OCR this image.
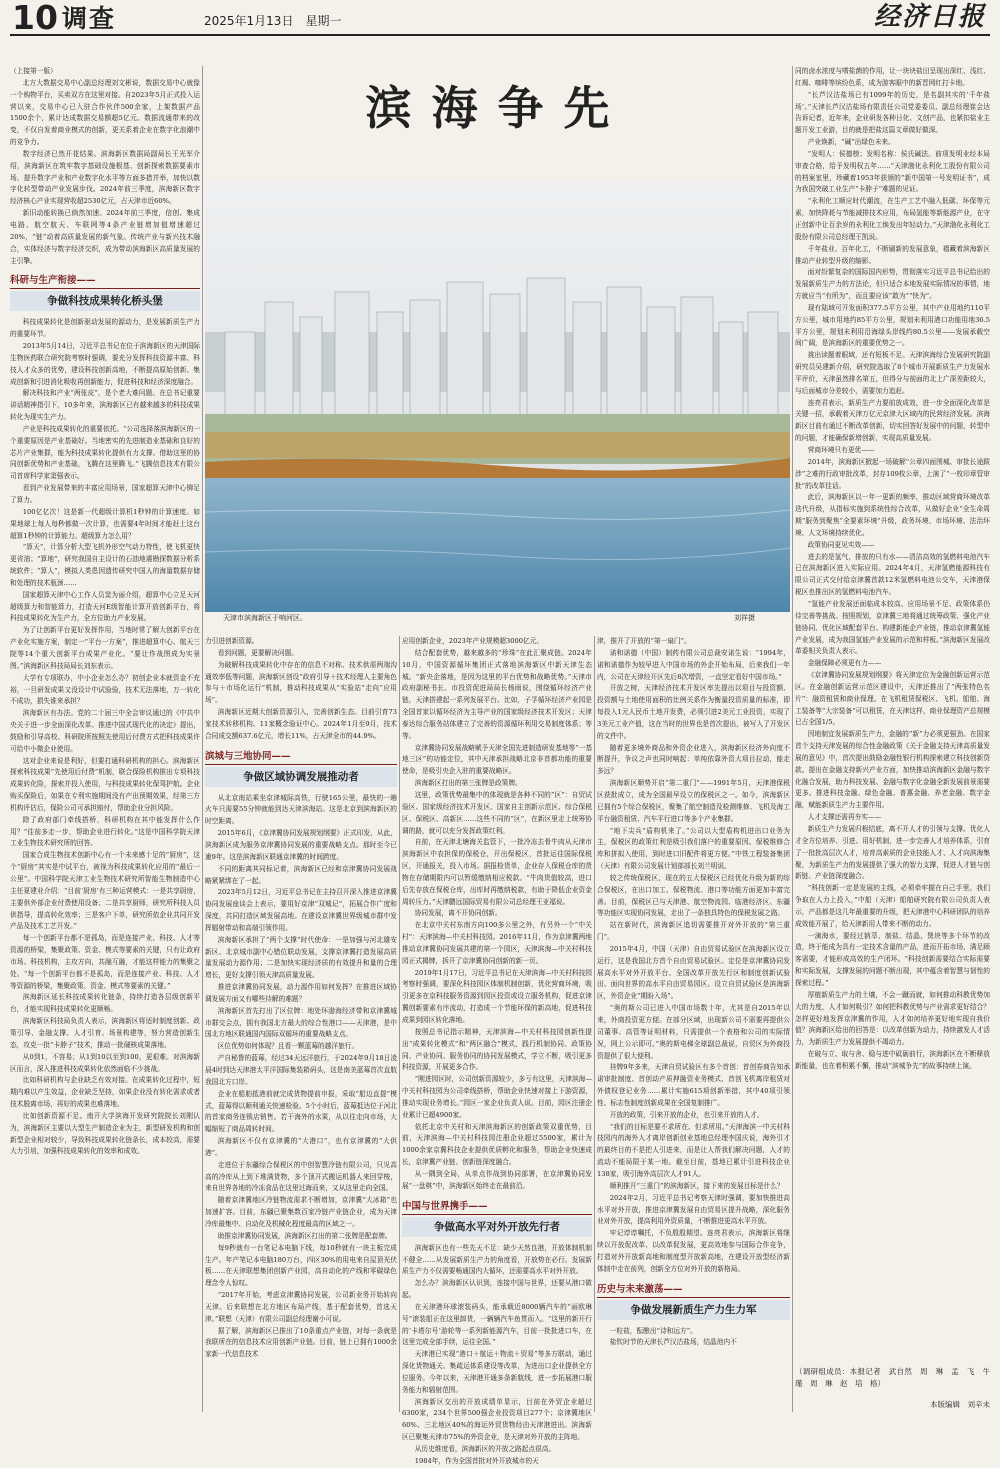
10 调查	2025年1月13日　星期一	经济日报
滨海争先
天津市滨海新区于响河区。	刘祥摄

（上接第一版）

北方大数据交易中心副总经理刘文彬说，数据交易中心就像一个购物平台，买卖双方在这里对接。自2023年5月正式投入运营以来，交易中心已入驻合作伙伴500余家，上架数据产品1500余个，累计达成数据交易额超5亿元。数据流通带来的改变，不仅自发着商业模式的创新，更关系着企业在数字化浪潮中的竞争力。

数字经济已然开花结果。滨海新区数据局副局长王光军介绍，滨海新区在筑牢数字基础设施根基、创新探索数据要素市场、提升数字产业和产业数字化水平等方面多措并举，加快以数字化转型带动产业发展步伐。2024年前三季度，滨海新区数字经济核心产业实现营收超2530亿元，占天津市近60%。

新旧动能转换已倘然加速。2024年前三季度，信创、集成电路、航空航天、车联网等4条产业链增加值增速超过20%，“链”动着高质量发展的新气象。传统产业与新兴技术融合，实体经济与数字经济交织，成为带动滨海新区高质量发展的主引擎。

科研与生产衔接——
争做科技成果转化桥头堡

科技成果转化是创新驱动发展的源动力，是发展新质生产力的重要环节。

2013年5月14日，习近平总书记在位于滨海新区的天津国际生物医药联合研究院考察时强调，要充分发挥科技资源丰富、科技人才众多的优势，建设科技创新高地，不断提高原始创新、集成创新和引进消化吸收再创新能力，促进科技和经济深度融合。

解决科技和产业“两张皮”，是个老大难问题。在总书记重要讲话精神指引下，10多年来，滨海新区已有越来越多的科技成果转化为现实生产力。

产业是科技成果转化的重要依托。“公司选择落滨海新区的一个重要原因是产业基础好。当地密实的先进制造业基础和良好的芯片产业集群，能为科技成果转化提供有力支撑。借助这里的协同创新优势和产业基础，飞腾在这里腾飞。”飞腾信息技术有限公司首席科学家窦强表示。

看到产业发展带来的丰富应用场景，国家超算天津中心铆足了算力。

100亿亿次！这是新一代超级计算机1秒钟的计算速度。如果地球上每人每秒都做一次计算，也需要4年时间才能赶上这台超算1秒钟的计算能力。超级算力怎么用？

“算天”，计算分析大型飞机外形空气动力特性，使飞机更快更省油；“算地”，研究我国自主设计的石油地震勘探数据分析系统软件；“算人”，模拟人类患因遗传研究中国人的海量数据存储和处理的技术瓶颈……

国家超算天津中心工作人员窦为丽介绍，超算中心立足天河超级算力和智能算力，打造天河E级智能计算开放创新平台，将科技成果转化为生产力，全方位助力产业发展。

为了让创新平台更好发挥作用，当地时常了解大创新平台在产业化实施方案，制定一“平台一方案”，推进超算中心、航天三院等14个重大创新平台成果产业化。“要让作战图成为实景图。”滨海新区科技局局长刘东表示。

大学有专项联办，中小企业怎么办？初创企业本就资金不充裕，一旦研发成果又没设计中试验验，技术无法落地，万一转化不成功，损失谁来承担？

滨海新区有办法。党的二十届三中全会审议通过的《中共中央关于进一步全面深化改革、推进中国式现代化的决定》提出，鼓励和引导高校、科研院所按照先使用后付费方式把科技成果许可给中小微企业使用。

这对企业来说是利好，但要打通科研机构的担心。滨海新区探索科技成果“先使用后付费”机制，联合保险机构推出专项科技成果转化险，探索并投入使用，与科技成果转化保驾护航。企业购买保险后，如果在专利实施期间没有产出预期效果，经第三方机构评估后，保险公司可承担赔付，帮助企业分担风险。

除了政府部门牵线搭桥，科研机构在其中能发挥什么作用？“往前多走一步，帮助企业进行转化。”这是中国科学院天津工业生物技术研究所的回答。

国家合成生物技术创新中心有一个未来感十足的“厨房”，这个“厨房”其实是中试平台，被视为科技成果转化应用的“最后一公里”。中国科学院天津工业生物技术研究所智能生物制造中心主任夏建业介绍：“目前‘厨房’有三种运营模式：一是共享厨房，主要供外部企业付费使用设备；二是共享厨师，研究所科技人员供指导，提高转化效率；三是客户下单，研究所依企业共同开发产品及技术工艺开发。”

每一个创新平台都不是孤岛，而是连接产业、科技、人才等资源的桥梁，集聚政策、资金、模式等要素的关键，只有让政府市场、科技机构，主攻方向，共融互融，才能这样能力的集聚之处。“每一个创新平台都不是孤岛，而是连接产业、科技、人才等资源的桥梁，集聚政策、资金、模式等要素的关键。”

滨海新区延长科技成果转化链条，持续打造各层级创新平台，才能实现科技成果转化更顺畅。

滨海新区科技局负责人表示，滨海新区将适时制度创新、政策引导、金融支撑、人才引育、场景构建等，努力营造创新生态，攻克一批“卡脖子”技术，推动一批硬核成果落地。

从0到1，不容易；从1到10以至到100，更艰难。对滨海新区而言，深入推进科技成果转化依然面临不少挑战。

比如科研机构与企业缺乏有效对接。在成果转化过程中，短期内难以产生效益，企业缺乏坚持，如果企业没有转化需求或者技术脱离市场，再好的成果也难落地。

比如创新资源不足。南开大学滨海开发研究院院长刘刚认为，滨海新区主要以大型生产制造企业为主，新型研发机构和创新型企业相对较少，导致科技成果转化链条长，成本较高，需要大力引培，加强科技成果转化的效率和成效。

力引进创新资源。

看到问题，更要解决问题。

为破解科技成果转化中存在的信息不对称、技术供需两端沟通效率低等问题，滨海新区创设“政府引导＋技术经理人主要角色参与＋市场化运行”机制，推动科技成果从“实验站”走向“应用场”。

滨海新区近期大创新资源引入，完善创新生态。目前引育73家技术转移机构、11家概念验证中心。2024年1月至9月，技术合同成交额637.6亿元，增长11%，占天津全市的44.9%。

滨城与三地协同——
争做区域协调发展推动者

从北京南站乘坐京津城际高铁，行驶165公里，最快的一趟火车只需要55分钟就能到达天津滨海站。这是北京到滨海新区的时空距离。

2015年6月，《京津冀协同发展规划纲要》正式印发，从此，滨海新区成为服务京津冀协同发展的重要战略支点。那时至今已逾9年。这是滨海新区联通京津冀的时间跨度。

不同的距离其同标记着，滨海新区已经和京津冀协同发展战略紧紧绑在了一起。

2023年5月12日，习近平总书记在主持召开深入推进京津冀协同发展座谈会上表示，要用好京津“双城记”，拓展合作广度和深度，共同打造区域发展高地。在建设京津冀世界级城市群中发挥辐射带动和高端引领作用。

滨海新区承担了“两个支撑”时代使命：一是加强与河北雄安新区、北京城市副中心错位联动发展，支撑京津冀打造发展高质量发展动力源作用；二是加快实现经济质的有效提升和量的合理增长，更好支撑引领天津高质量发展。

推进京津冀协同发展，动力源作用如何发挥？在推进区域协调发展方面又有哪些待解的难题？

滨海新区首先打出了区位牌：地处环渤海经济带和京津冀城市群交会点，拥有我国北方最大的综合性港口——天津港，是中国北方地区联通国内国际双循环的重要战略支点。

区位优势如何体现？且看一颗蓝莓的越洋旅行。

产自秘鲁的蓝莓，经过34天远洋旅行，于2024年9月18日凌晨4时到达天津港太平洋国际集装箱码头，这是南美蓝莓首次直航我国北方口岸。

企业在船舶抵港前就完成货物提前申报，采取“船边直提”模式，蓝莓得以顺利通关快速检验。5个小时后，蓝莓抵达位于河北的首家商务连锁店销售。若干海外的水果，从以往走向市场，大幅缩短了商品周转时间。

滨海新区不仅有京津冀的“大港口”，也有京津冀的“大供港”。

走进位于东疆综合保税区的中创智慧冷链有限公司，只见高高的冷库从上到下堆满货物，多个顶开式搬运机器人来回穿梭，来自世界各地的冷冻食品在这里过海而来，又从这里走向全国。

随着京津冀地区冷链物流需求不断增加，京津冀“大冰箱”也加速扩容。目前，东疆已聚集数百家冷链产业链企业，成为天津冷库最集中、自动化及机械化程度最高的区域之一。

助推京津冀协同发展，滨海新区打出的第二张牌是配套牌。

每9秒就有一台笔记本电脑下线，每10秒就有一块主板完成生产。年产笔记本电脑180万台，四区30%的用电来自屋顶光伏板……在天津联想集团创新产业园，高自动化的产线和零碳绿色理念令人惊叹。

“2017年开始，考虑京津冀协同发展，公司新业务开始转向天津。后来联想在北方地区布局产线，基于配套优势，首选天津。”联想（天津）有限公司副总经理谢小可说。

据了解，滨海新区已推出了10条重点产业链，对每一条就是我联所在的信息技术应用创新产业链。目前，链上已拥有1000余家新一代信息技术

应用创新企业，2023年产业规模超3000亿元。

结合配套优势，越来越多的“珍珠”在此汇聚成链。2024年10月，中国资源循环集团正式落地滨海新区中新天津生态城。“新央企落地，是因为这里的平台优势和战略优势。”天津市政府副秘书长、市投资促进局局长杨雨说，围绕循环经济产业链，天津搭建起一系列发展平台。比如，子孚循环经济产业园是全国首家以循环经济为主导产业的国家级经济技术开发区；天津泰达综合服务站体建立了完善的资源循环利用交易制度体系；等等。

京津冀协同发展战略赋予天津全国先进制造研发基地等“一基地三区”的功能定位，其中天津承担战略北京非首都功能的重要使命，是吸引央企入驻的重要战略区。

滨海新区打出的第三张牌是政策牌。

这里，政策优势最集中的体现就是各种不同的“区”：自贸试验区、国家级经济技术开发区、国家自主创新示范区、综合保税区、保税区、高新区……这些不同的“区”，在新区里走上统筹协调的路，就可以充分发挥政策红利。

自前，在天津北塘海关监管下，一批冷冻去骨牛肉从天津市滨海新区中农担保的保税仓，开出保税区，首批运往国际保税区，开通报关，投入市场。据报检货单，企业存入保税仓库的货物在存储期限内可以暂缓缴纳相应税款。“牛肉货值较高，进口后先存放在保税仓库，出库时再缴纳税款，有助于降低企业资金周转压力。”天津鹏远国际贸易有限公司总经理王亚福说。

协同发展，离不开协同创新。

在北京中关村东南方向100多公里之外，有另外一个“中关村”：天津滨海—中关村科技园。2016年11月，作为京津冀两地推动京津冀协同发展共建的第一个园区，天津滨海—中关村科技园正式揭牌，拆开了京津冀协同创新的新一页。

2019年1月17日，习近平总书记在天津滨海—中关村科技园考察时强调，要深化科技园区体制机制创新，优化营商环境，吸引更多在京科技服务资源到园区投资或设立服务机构，促进京津冀创新要素有序流动，打造成一个节能环保的新高地，促进科技成果到园区转化落地。

按照总书记指示精神，天津滨海—中关村科技园创新性提出“成果转化模式”和“两区融合”模式，践行机制协同、政策协同、产业协同、服务协同的协同发展模式，学立不断，吸引更多科技资源，开展更多合作。

“刚进园区时，公司创新资源较少，多亏有这里，天津滨海—中关村科技园为公司牵线搭桥，帮助企业快速对接上下游资源，推动实现业务增长。”园区一家企业负责人说。目前，园区注册企业累计已超4900家。

依托北京中关村和天津滨海新区的创新政策双重优势，目前，天津滨海—中关村科技园注册企业超过5500家，累计为1000余家京冀科技企业提供优质孵化和服务，帮助企业快速成长，京津冀产业链、创新链深度融合。

从一隅到全局，从单点作战到协同部署，在京津冀协同发展“一盘棋”中，滨海新区始终走在最前沿。

中国与世界携手——
争做高水平对外开放先行者

滨海新区也有一些先天不足：缺少天然良港，开放体制机制不健全……从发展新质生产力的角度看，开放势在必行。发展新质生产力不仅需要畅通国内大循环，还需要高水平对外开放。

怎么办？滨海新区认识到，连接中国与世界，还要从港口做起。

在天津港环球滚装码头，能承载近8000辆汽车的“丽欧琳号”滚装船正在这里卸货，一辆辆汽车鱼贯而入。“这里的新开行的‘卡塔尔号’游轮等一系列新能源汽车，目前一批批进口车，在这里完成全部手续，运往全国。”

天津港已实现“港口＋航运＋物流＋贸易”等多方联动，通过深化货物通关、集疏运体系建设等改革，为进出口企业提供全方位服务。今年以来，天津港开通多条新航线，进一步拓展港口服务能力和辐射范围。

滨海新区交出的开放成绩单显示，目前在外贸企业超过6300家，234个世界500强企业投资项目277个；京津冀地区60%、三北地区40%的海运外贸货物经由天津港进出。滨海新区已聚集天津市75%的外资企业，是天津对外开放的主阵地。

从历史维度看，滨海新区的开放之路起点很高。

1984年，作为全国首批对外开放城市的天

津，推开了开放的“第一扇门”。

诺和诺德（中国）制药有限公司总裁安诺生说：“1994年，诺和诺德作为较早进入中国市场的外企开始布局，后来我们一年内，公司在天津经开区先后8次增资，一直坚定看好中国市场。”

开放之树，天津经济技术开发区率先提出以项目与投资额、投资额与土地使用面积的比例关系作为衡量投资质量的标准，即每投入1元人民币土地开发费，必须引进2美元工业投资，实现了3美元工业产值，这在当时的世界也是首次提出，被写入了开发区的文件中。

随着更多境外商品和外资企业进入，滨海新区经济外向度不断提升，争议之声也同时响起：单纯依靠外资大项目拉动，能走多远？

滨海新区顺势开启“第二重门”——1991年5月，天津港保税区获批成立，成为全国最早设立的保税区之一。如今，滨海新区已拥有5个综合保税区，聚集了航空制造及检测维修、飞机及海工平台融资租赁、汽车平行进口等多个产业集群。

“地下尖兵”盾构机来了。”公司以大型盾构机进出口业务为主，保税区的政策红利是吸引我们落户的重要原因。保税维修合库和拼拟入使用，到时进口旧配件将更方便。”中铁工程装备集团（天津）有限公司发展计划部部长刘兰明说。

较之传统保税区，现在的五大保税区已经优化升级为新的综合保税区，在出口加工、保税物流、港口等功能方面更加丰富完善。目前，保税区已与天津港、航空物流园、临港经济区、东疆等功能区实现协同发展，走出了一条独具特色的保税发展之路。

站在新时代，滨海新区追切需要推开对外开放的“第三重门”。

2015年4月，中国（天津）自由贸易试验区在滨海新区设立运行，这是我国北方首个自由贸易试验区。定位是京津冀协同发展高水平对外开放平台、全国改革开放先行区和制度创新试验田、面向世界的高水平自由贸易园区。设立自贸试验区是滨海新区，外资企业“期盼入场”。

“奥的斯公司已进入中国市场数十年，尤其是自2015年以来，外商投资更方便。在部分区域，出现新公司不需要再提供公司董事、高管等证明材料，只需提供一个表格和公司的实际情况，网上公示即可。”奥的斯电梯全球副总裁说，自贸区为外商投资提供了很大便利。

挂牌9年多来，天津自贸试验区有多个首创：首创券商告知承诺审批制度、首创动产质押融资业务模式、首创飞机离岸租赁对外债权登记业务……累计实施615项创新举措，其中40项引领性、标志性制度创新成果在全国复制推广。

开放的政策，引来开放的企业，也引来开放的人才。

“我们的目标是要不求所在、但求所用。”天津海滨一中关村科技园内的海外人才离岸创新创业基地总经理李国庆说，海外引才的最终目的不是把人引进来，而是让人帮我们解决问题，人才的流动不能局限于某一地。截至目前，基地已累计引进科技企业138家，吸引海外高层次人才91人。

顺利推开“三重门”的滨海新区，接下来的发展目标是什么？

2024年2月，习近平总书记考察天津时强调，要加快推进高水平对外开放，推进京津冀发展自由贸易区提升战略，深化服务业对外开放，提高利用外资质量，不断推进更高水平开放。

牢记谆谆嘱托，不负殷殷期望。连亮君表示，滨海新区将继续以开放促改革、以改革促发展，更高效地参与国际合作竞争，打造对外开放新高地和制度型开放新高地，在建设开放型经济新体制中走在前列，创新全方位对外开放的新格局。

历史与未来激荡——
争做发展新质生产力生力军

一粒盐，酝酿出“诗和远方”。

盐钦时节的天津长芦汉沽盐场，结晶池内不

同的卤水浓度与嗜盐菌的作用，让一块块盐田呈现出深红、浅红、红褐、咖啡等缤纷色系，成为游客眼中的新晋网红打卡地。

“长芦汉沽盐场已有1099年的历史，是名副其实的‘千年盐场’。”天津长芦汉沽盐场有限责任公司党委委员、副总经理崔会达告诉记者，近年来，企业研发各种日化、文创产品，也紧扣盐业主题开发工业游，目的就是把盐这篇文章做好做深。

产业焕新，“碱”出绿色未来。

“发明人：侯德榜；发明名称：侯氏碱法。前项发明业经本局审查合格，给予发明权五年……”天津渤化永利化工股份有限公司的档案室里，珍藏着1953年获颁的“新中国第一号发明证书”，成为我国突破工业生产“卡脖子”难题的见证。

“永利化工顺应时代潮流，在生产工艺中融入低碳、环保等元素，加快降耗与节能减排技术应用，布局氢能等新能源产业，在守正创新中让百余岁的永利化工焕发出年轻动力。”天津渤化永利化工股份有限公司总经理王凯说。

千年盐业、百年化工，不断刷新的发展意象，褶藏着滨海新区推动产业转型升级的缩影。

面对纷繁复杂的国际国内形势，贯彻落实习近平总书记给出的发展新质生产力的方法论，但只适合本地发展实际情况的事情，地方就应当“有所为”，而且要应该“敢为”“快为”。

现有陆域可开发面积377.5平方公里，其中产业用地约110平方公里，城市用地约85平方公里，规划未利用港口功能用地36.5平方公里，规划未利用沿海绿头岸线约80.5公里——发展承载空间广阔，是滨海新区的重要优势之一。

挑出读题着眼域，还有短板不足。天津滨海综合发展研究院副研究员吴建新介绍，研究院选取了8个城市开展新质生产力发展水平评价，天津虽然排名第五，但得分与前面的北上广深差距较大，与后面城市分差较小，需要加力追赶。

连亮君表示，新质生产力要前放成效，进一步全面深化改革是关键一招，承载着天津万亿元京津大区域内的民营经济发展。滨海新区目前有通过不断改革创新，切实回答好发展中的问题，转型中的问题，才能确保新增创新，实现高质量发展。

营商环境只有更优——

2014年，滨海新区掀起一场破解“公章四面围城、审批长途跋涉”之难的行政审批改革，封存109枚公章，上演了“一枚印章管审批”的改革佳话。

此后，滨海新区以一年一更新的频率，推动区域营商环境改革迭代升级，从指标实施到系统性综合改革，从做好企业“全生命周期”服务到聚焦“全要素环境”升级，政务环境、市场环境、法治环境、人文环境持续优化。

政策协同更见实效——

进去的是氢气，排放的只有水——清洁高效的氢燃料电池汽车已在滨海新区进入实际应用。2024年4月，天津氢燃能源科技有限公司正式交付给京津冀首款12米氢燃料电池公交车，天津港保税区也推出区的氢燃料电池汽车。

“氢能产业发展还面临成本较高、应用场景不足、政策体系仍待完善等挑战。按照规划，京津冀三地将通过统筹政策、强化产业链协同、优化区域配套平台、构建新能企产业链，推动京津冀氢能产业发展，成为我国氢能产业发展的示范和样板。”滨海新区发展改革委相关负责人表示。

金融保障必须更有力——

《京津冀协同发展规划纲要》将天津定位为金融创新运营示范区。在金融创新运营示范区建设中，天津还推出了“两张特色名片”：融资租赁和商业保理。在飞机租赁保税区、飞机、船舶、海工装备等“大宗装备”可以租赁，在天津这样，商业保理资产总规模已占全国1/5。

因地制宜发展新质生产力，金融的“新”力必须更强劲。在国家首个支持天津发展的综合性金融政策《关于金融支持天津高质量发展的意见》中，首次提出鼓励金融性银行机构探索建立科技创新贷款。提出在金融支持新兴产业方面，加快推动滨海新区金融与数字化融合发展，助力科技发展、金融与数字化金融全新发展前景需要更多。推进科技金融、绿色金融、普惠金融、养老金融、数字金融，赋能新质生产力主要作用。

人才支撑还需再夯实——

新质生产力发展归根结底，离不开人才的引领与支撑。优化人才全方位培养、引进、用好机制，进一步完善人才培养体系，引育了一批批高层次人才，培育高素质的企业技能人才、人才向滨海集聚，为新质生产力的发展提供了强大的智力支撑，促进人才链与创新链、产业链深度融合。

“科技创新一定是发展的主线，必须牵牢握在自己手里。我们争取在人力上投入，”中船（天津）船舶研究院有限公司负责人表示，产品都是这几年最重要的升级，把天津港中心科研团队的培养成效能开展了，给天津新用人带来不断的动力。

一滴海水，要经过钠萃、制盐、结晶、煲块等多个环节的改造，终于能成为具有一定技术含量的产品，进而开拓市场，满足顾客需要，才能形成高效的生产闭环。“科技创新需要结合实际需要和实际发展，支撑发展的问题不断出现，其中蕴含着智慧与韧性的探索过程。”

厚植新质生产力的土壤，不会一蹴而就，如何推动科教优势加大的力度，人才如何吸引？如何把科教优势与产业需求更好结合？怎样更好地发挥京津冀的作用，人才如何培养更好地实现自我价值？滨海新区给出的回答是：以改革创新为动力，持续激发人才活力，为新质生产力发展提供不竭动力。

在破与立、取与舍、稳与进中砥砺前行，滨海新区在不断释放新能量，也在着积累不懈，推动“滨城争先”的故事持续上演。

（调研组成员：本报记者　武自然　周　琳　孟　飞　牛　瑾　周　琳　赵　培　格）
本版编辑　刘辛未
